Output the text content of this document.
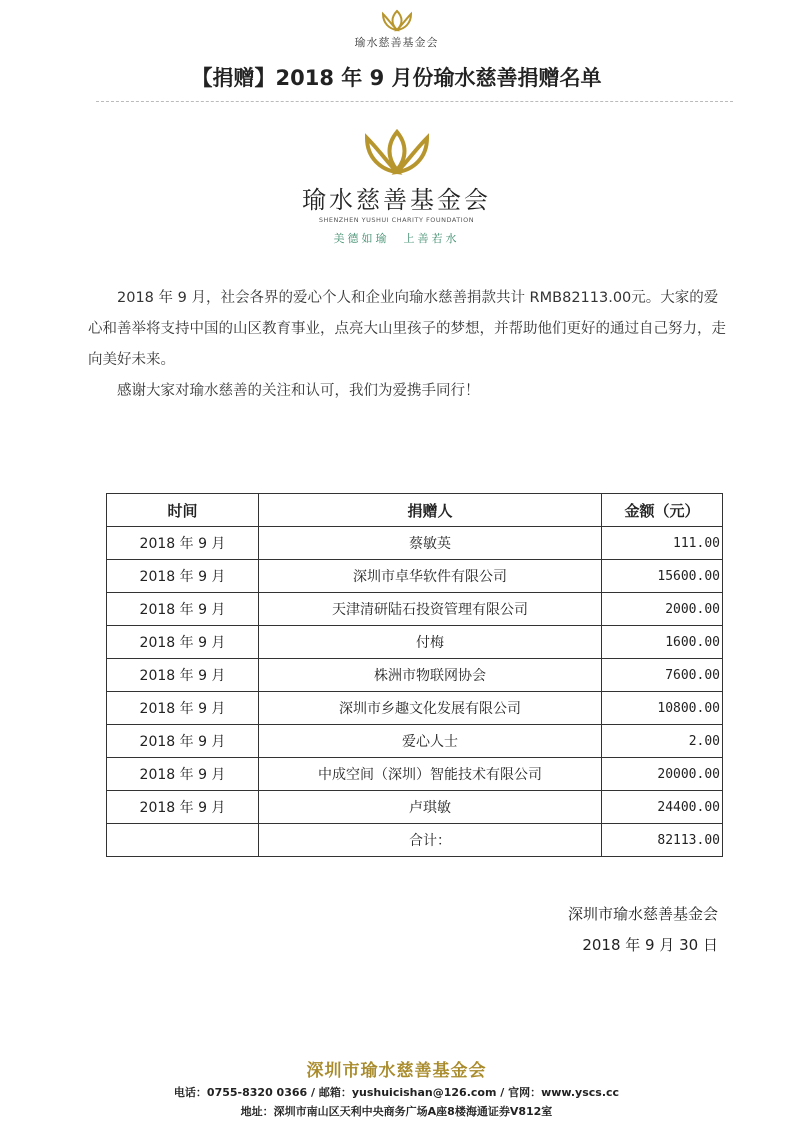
瑜水慈善基金会
【捐赠】2018 年 9 月份瑜水慈善捐赠名单
瑜水慈善基金会
SHENZHEN YUSHUI CHARITY FOUNDATION
美德如瑜　上善若水

2018 年 9 月，社会各界的爱心个人和企业向瑜水慈善捐款共计 RMB82113.00元。大家的爱心和善举将支持中国的山区教育事业，点亮大山里孩子的梦想，并帮助他们更好的通过自己努力，走向美好未来。

感谢大家对瑜水慈善的关注和认可，我们为爱携手同行！

时间	捐赠人	金额（元）
2018 年 9 月	蔡敏英	111.00
2018 年 9 月	深圳市卓华软件有限公司	15600.00
2018 年 9 月	天津清研陆石投资管理有限公司	2000.00
2018 年 9 月	付梅	1600.00
2018 年 9 月	株洲市物联网协会	7600.00
2018 年 9 月	深圳市乡趣文化发展有限公司	10800.00
2018 年 9 月	爱心人士	2.00
2018 年 9 月	中成空间（深圳）智能技术有限公司	20000.00
2018 年 9 月	卢琪敏	24400.00
	合计：	82113.00
深圳市瑜水慈善基金会
2018 年 9 月 30 日
深圳市瑜水慈善基金会
电话：0755-8320 0366 / 邮箱：yushuicishan@126.com / 官网：www.yscs.cc
地址：深圳市南山区天利中央商务广场A座8楼海通证券V812室
